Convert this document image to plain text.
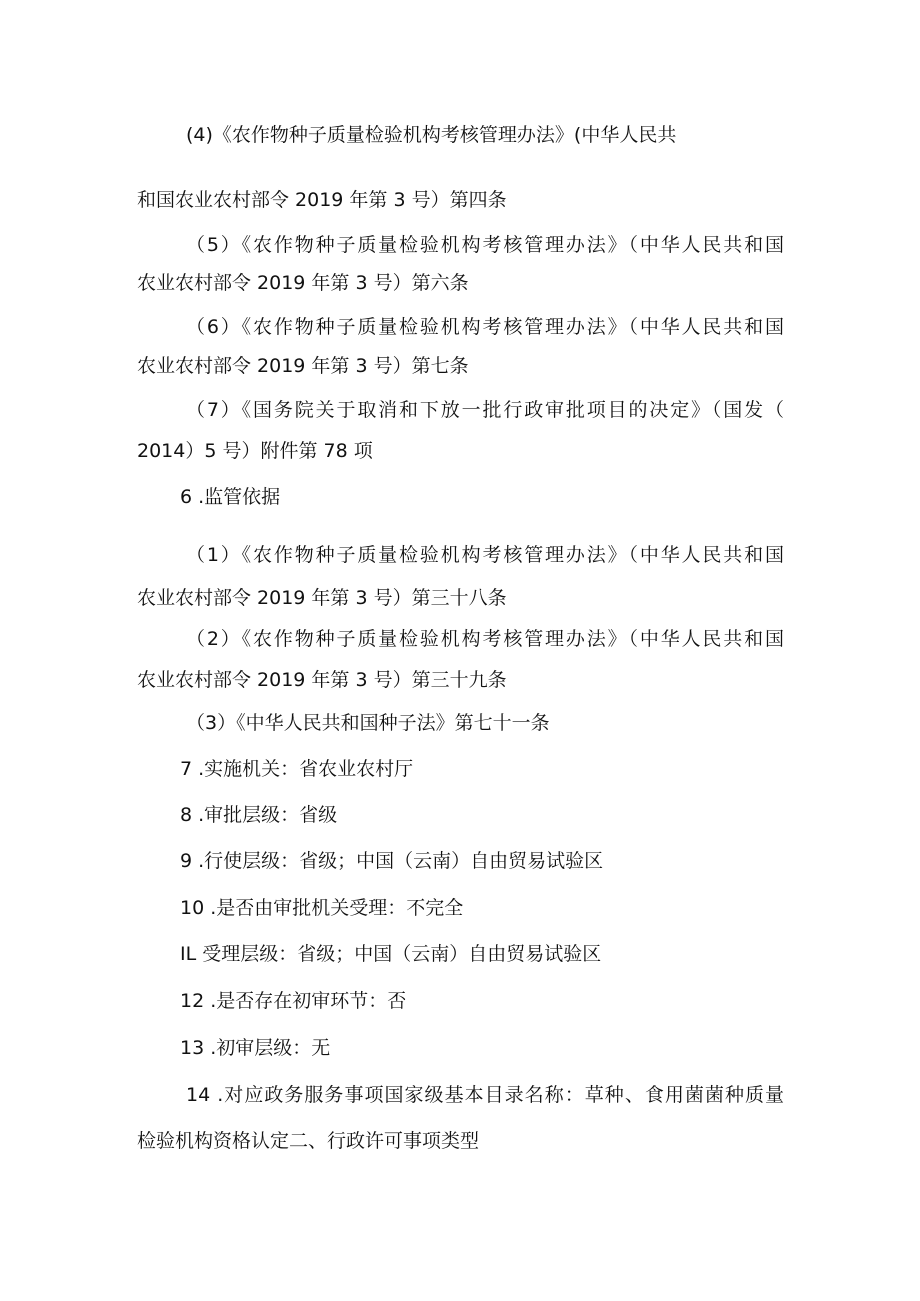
(4)《农作物种子质量检验机构考核管理办法》(中华人民共
和国农业农村部令 2019 年第 3 号）第四条
（5）《农作物种子质量检验机构考核管理办法》（中华人民共和国
农业农村部令 2019 年第 3 号）第六条
（6）《农作物种子质量检验机构考核管理办法》（中华人民共和国
农业农村部令 2019 年第 3 号）第七条
（7）《国务院关于取消和下放一批行政审批项目的决定》（国发（
2014）5 号）附件第 78 项
6 .监管依据
（1）《农作物种子质量检验机构考核管理办法》（中华人民共和国
农业农村部令 2019 年第 3 号）第三十八条
（2）《农作物种子质量检验机构考核管理办法》（中华人民共和国
农业农村部令 2019 年第 3 号）第三十九条
（3）《中华人民共和国种子法》第七十一条
7 .实施机关：省农业农村厅
8 .审批层级：省级
9 .行使层级：省级；中国（云南）自由贸易试验区
10 .是否由审批机关受理：不完全
IL 受理层级：省级；中国（云南）自由贸易试验区
12 .是否存在初审环节：否
13 .初审层级：无
14 .对应政务服务事项国家级基本目录名称：草种、食用菌菌种质量
检验机构资格认定二、行政许可事项类型
